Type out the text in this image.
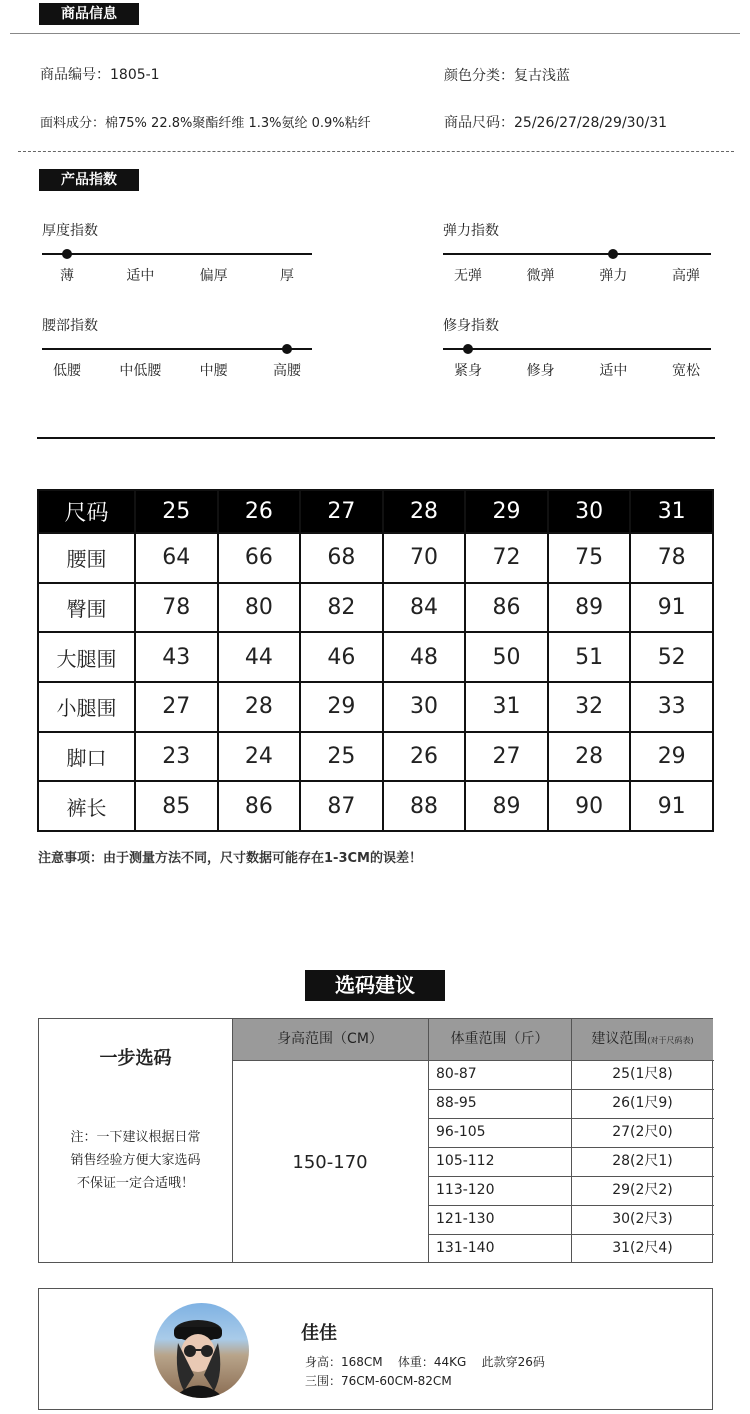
商品信息
商品编号：1805-1	颜色分类：复古浅蓝
面料成分：棉75% 22.8%聚酯纤维 1.3%氨纶 0.9%粘纤	商品尺码：25/26/27/28/29/30/31
产品指数
厚度指数
薄	适中	偏厚	厚
弹力指数
无弹	微弹	弹力	高弹
腰部指数
低腰	中低腰	中腰	高腰
修身指数
紧身	修身	适中	宽松
尺码	25	26	27	28	29	30	31
腰围	64	66	68	70	72	75	78
臀围	78	80	82	84	86	89	91
大腿围	43	44	46	48	50	51	52
小腿围	27	28	29	30	31	32	33
脚口	23	24	25	26	27	28	29
裤长	85	86	87	88	89	90	91
注意事项：由于测量方法不同，尺寸数据可能存在1-3CM的误差！
选码建议
身高范围（CM）	体重范围（斤）	建议范围(对于尺码表)
一步选码
注：一下建议根据日常
销售经验方便大家选码
不保证一定合适哦！
150-170
80-87	25(1尺8)
88-95	26(1尺9)
96-105	27(2尺0)
105-112	28(2尺1)
113-120	29(2尺2)
121-130	30(2尺3)
131-140	31(2尺4)
佳佳
身高：168CM    体重：44KG    此款穿26码
三围：76CM-60CM-82CM
